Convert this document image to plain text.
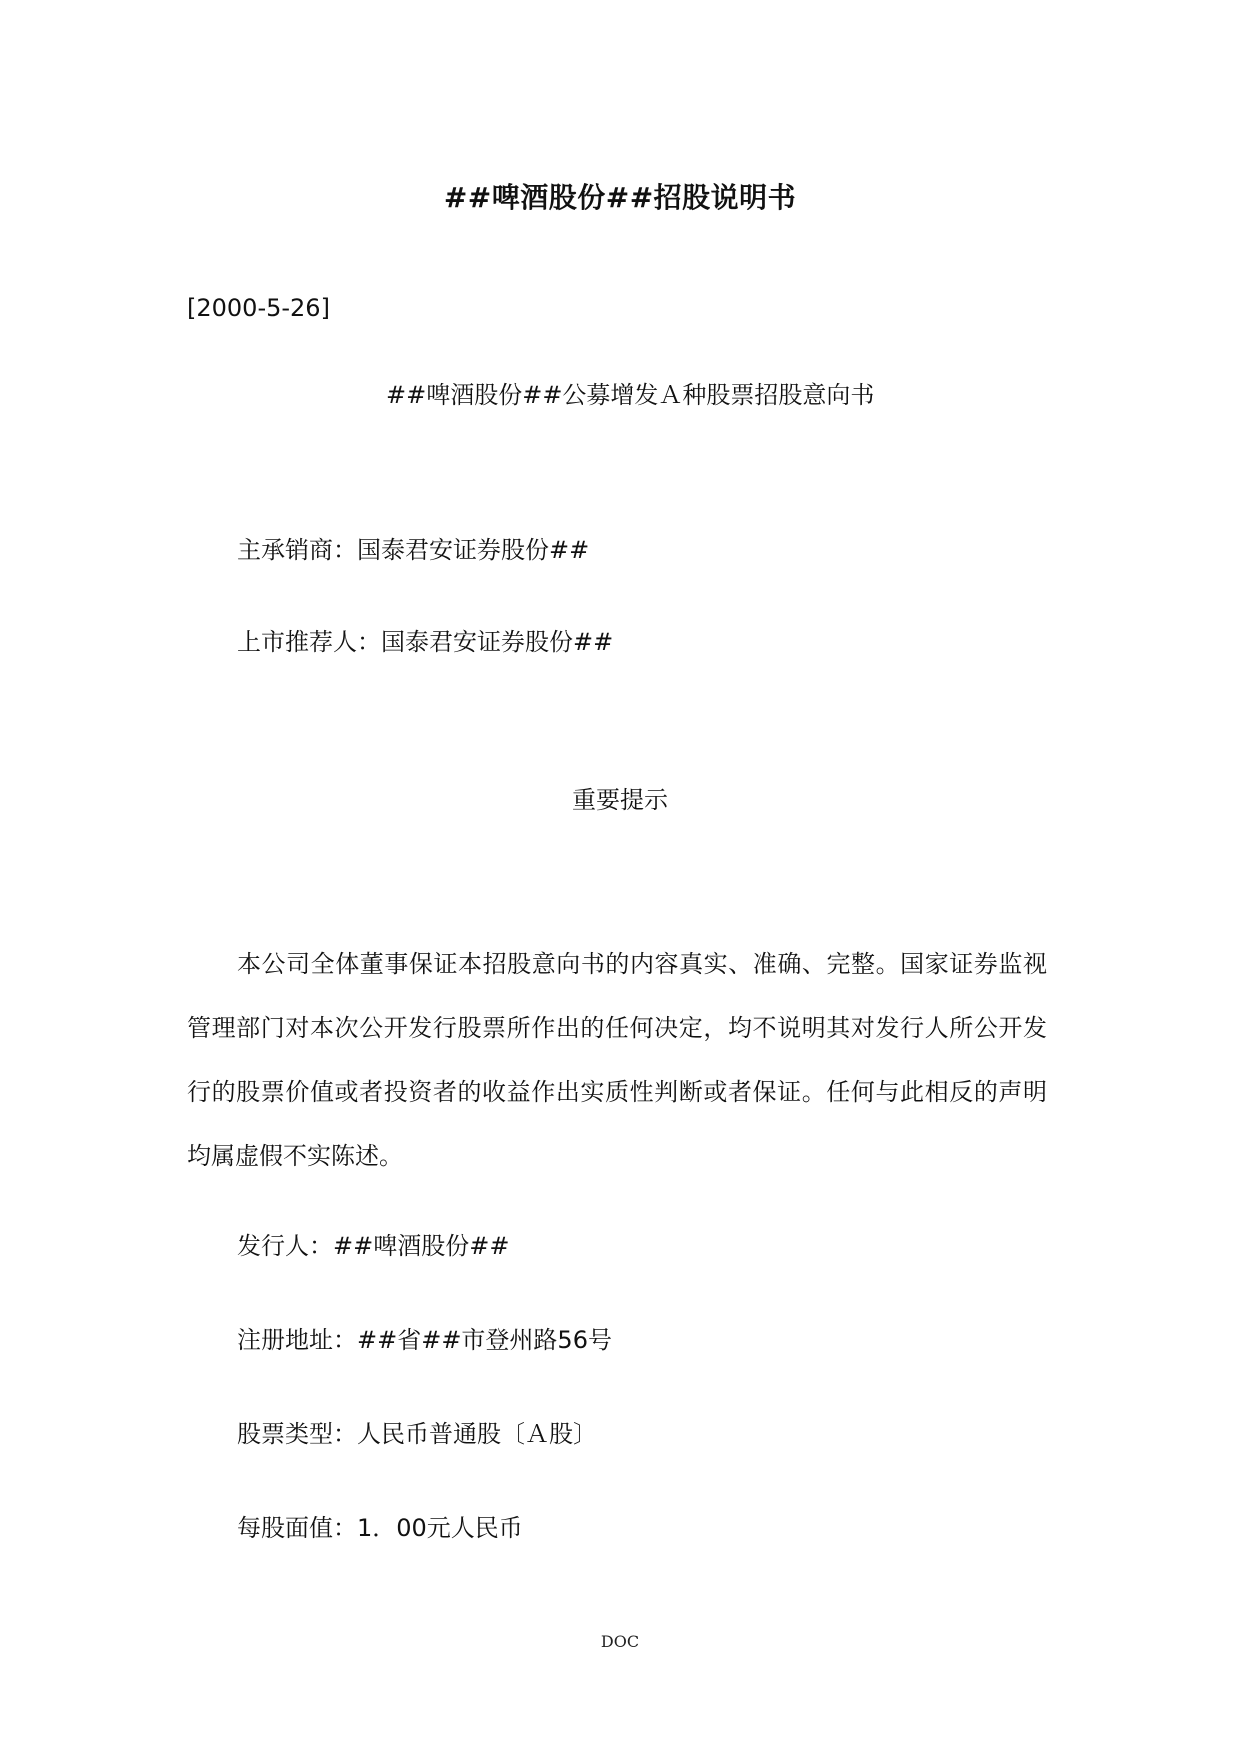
##啤酒股份##招股说明书
[2000-5-26]
##啤酒股份##公募增发Ａ种股票招股意向书
主承销商：国泰君安证券股份##
上市推荐人：国泰君安证券股份##
重要提示
本公司全体董事保证本招股意向书的内容真实、准确、完整。国家证券监视管理部门对本次公开发行股票所作出的任何决定，均不说明其对发行人所公开发行的股票价值或者投资者的收益作出实质性判断或者保证。任何与此相反的声明均属虚假不实陈述。
发行人：##啤酒股份##
注册地址：##省##市登州路56号
股票类型：人民币普通股〔Ａ股〕
每股面值：1．00元人民币
DOC
